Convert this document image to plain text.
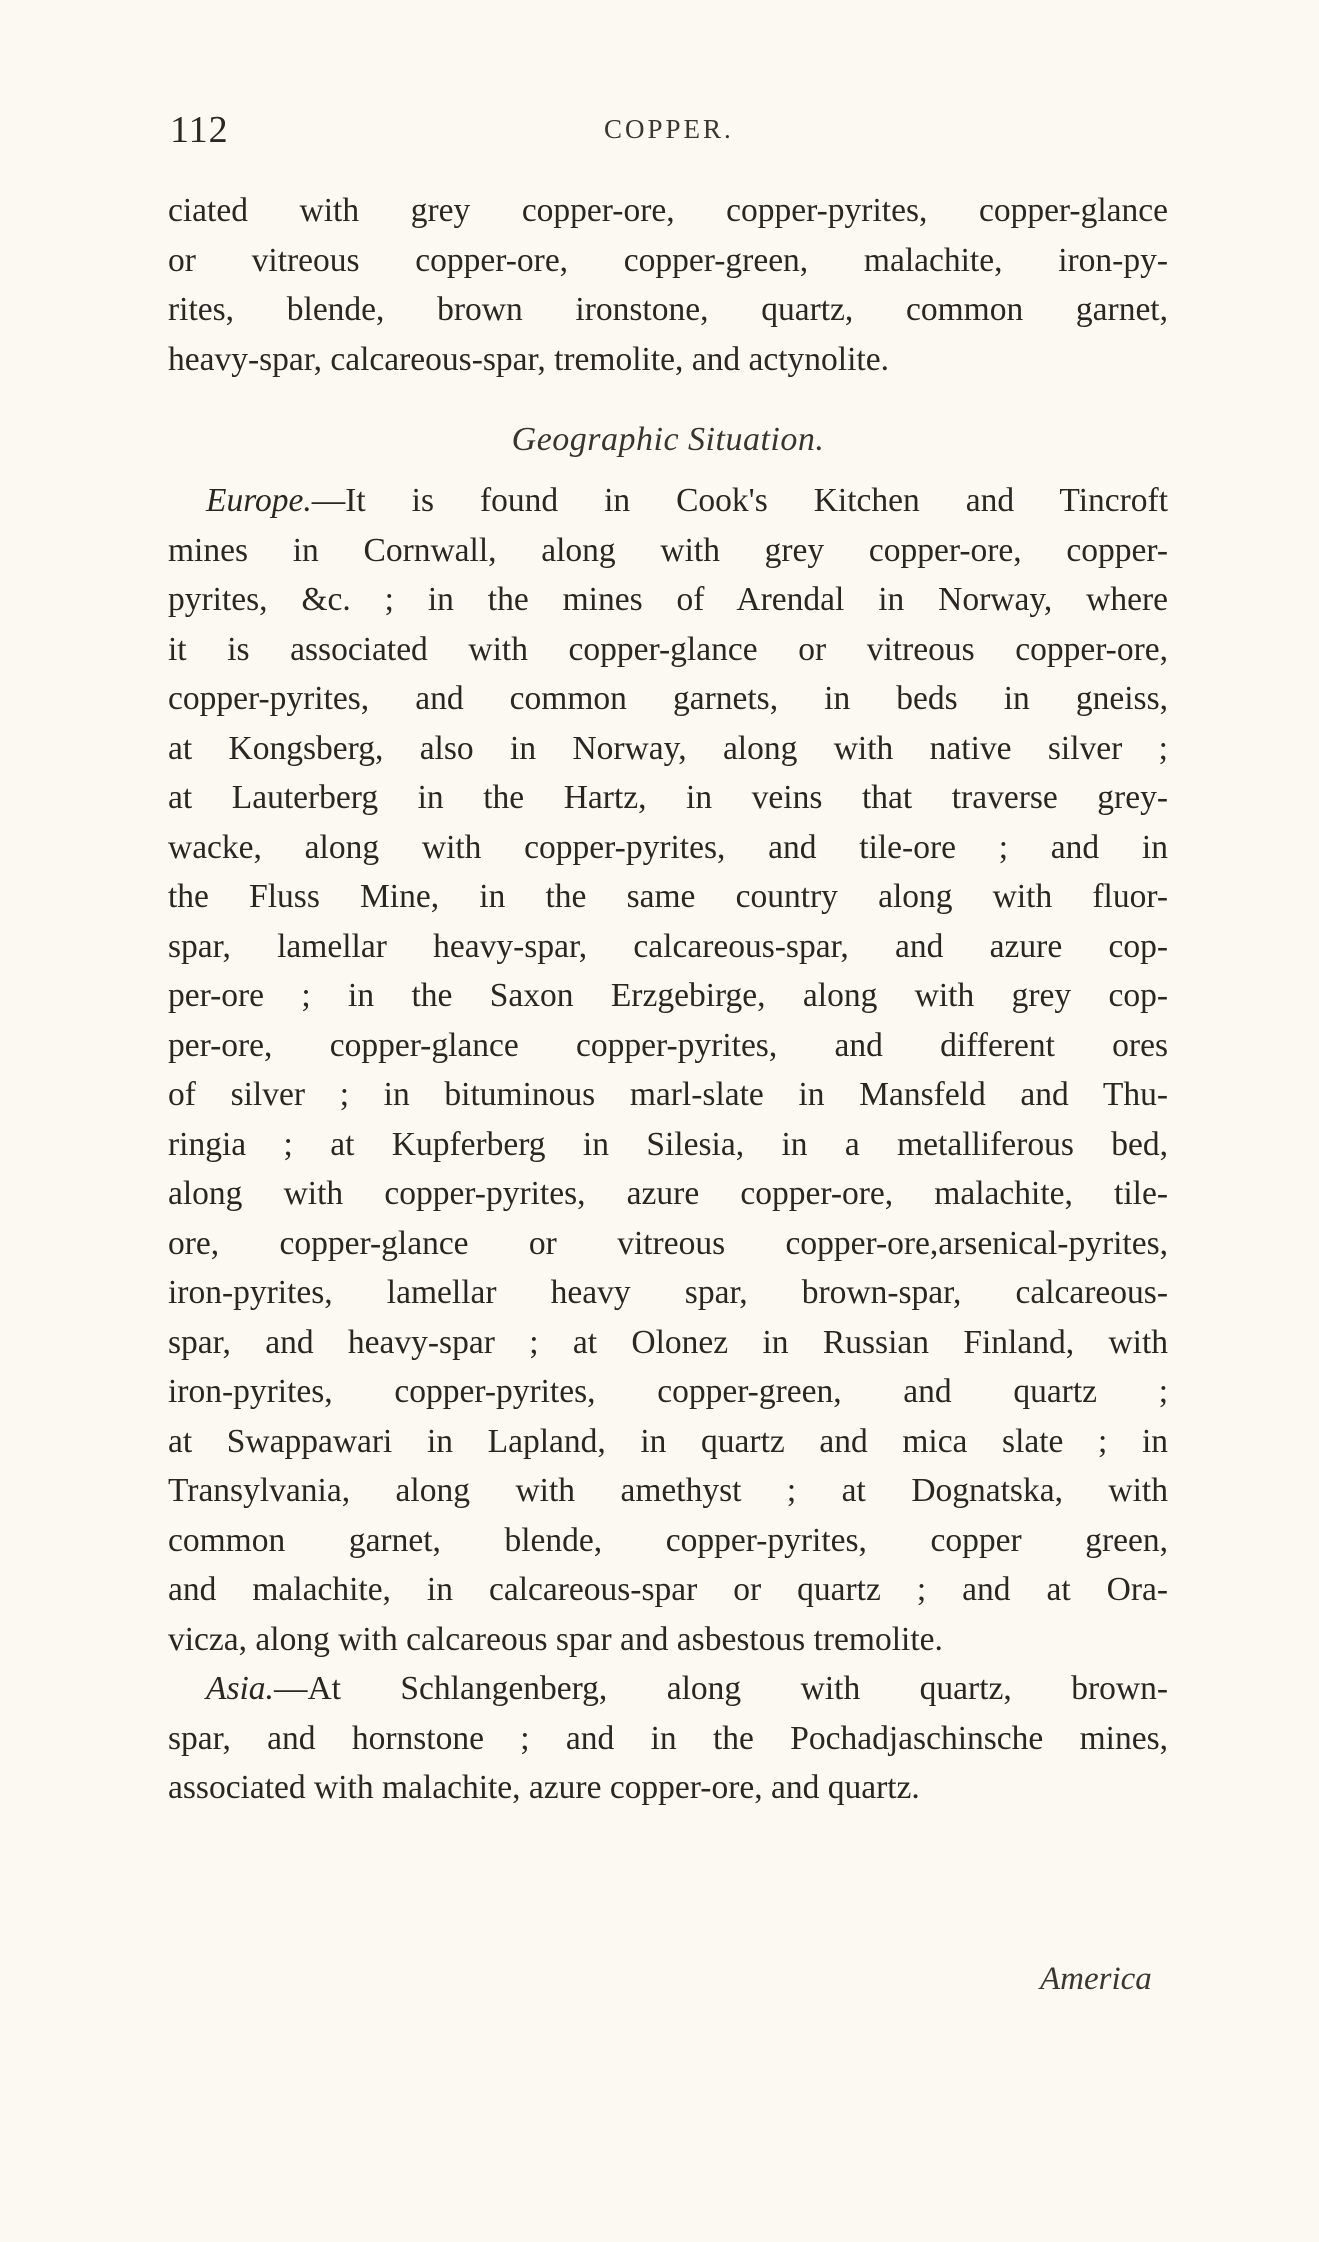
112	COPPER.
ciated with grey copper-ore, copper-pyrites, copper-glance
or vitreous copper-ore, copper-green, malachite, iron-py-
rites, blende, brown ironstone, quartz, common garnet,
heavy-spar, calcareous-spar, tremolite, and actynolite.
Geographic Situation.
Europe.—It is found in Cook's Kitchen and Tincroft
mines in Cornwall, along with grey copper-ore, copper-
pyrites, &c. ; in the mines of Arendal in Norway, where
it is associated with copper-glance or vitreous copper-ore,
copper-pyrites, and common garnets, in beds in gneiss,
at Kongsberg, also in Norway, along with native silver ;
at Lauterberg in the Hartz, in veins that traverse grey-
wacke, along with copper-pyrites, and tile-ore ; and in
the Fluss Mine, in the same country along with fluor-
spar, lamellar heavy-spar, calcareous-spar, and azure cop-
per-ore ; in the Saxon Erzgebirge, along with grey cop-
per-ore, copper-glance copper-pyrites, and different ores
of silver ; in bituminous marl-slate in Mansfeld and Thu-
ringia ; at Kupferberg in Silesia, in a metalliferous bed,
along with copper-pyrites, azure copper-ore, malachite, tile-
ore, copper-glance or vitreous copper-ore,arsenical-pyrites,
iron-pyrites, lamellar heavy spar, brown-spar, calcareous-
spar, and heavy-spar ; at Olonez in Russian Finland, with
iron-pyrites, copper-pyrites, copper-green, and quartz ;
at Swappawari in Lapland, in quartz and mica slate ; in
Transylvania, along with amethyst ; at Dognatska, with
common garnet, blende, copper-pyrites, copper green,
and malachite, in calcareous-spar or quartz ; and at Ora-
vicza, along with calcareous spar and asbestous tremolite.
Asia.—At Schlangenberg, along with quartz, brown-
spar, and hornstone ; and in the Pochadjaschinsche mines,
associated with malachite, azure copper-ore, and quartz.
America
